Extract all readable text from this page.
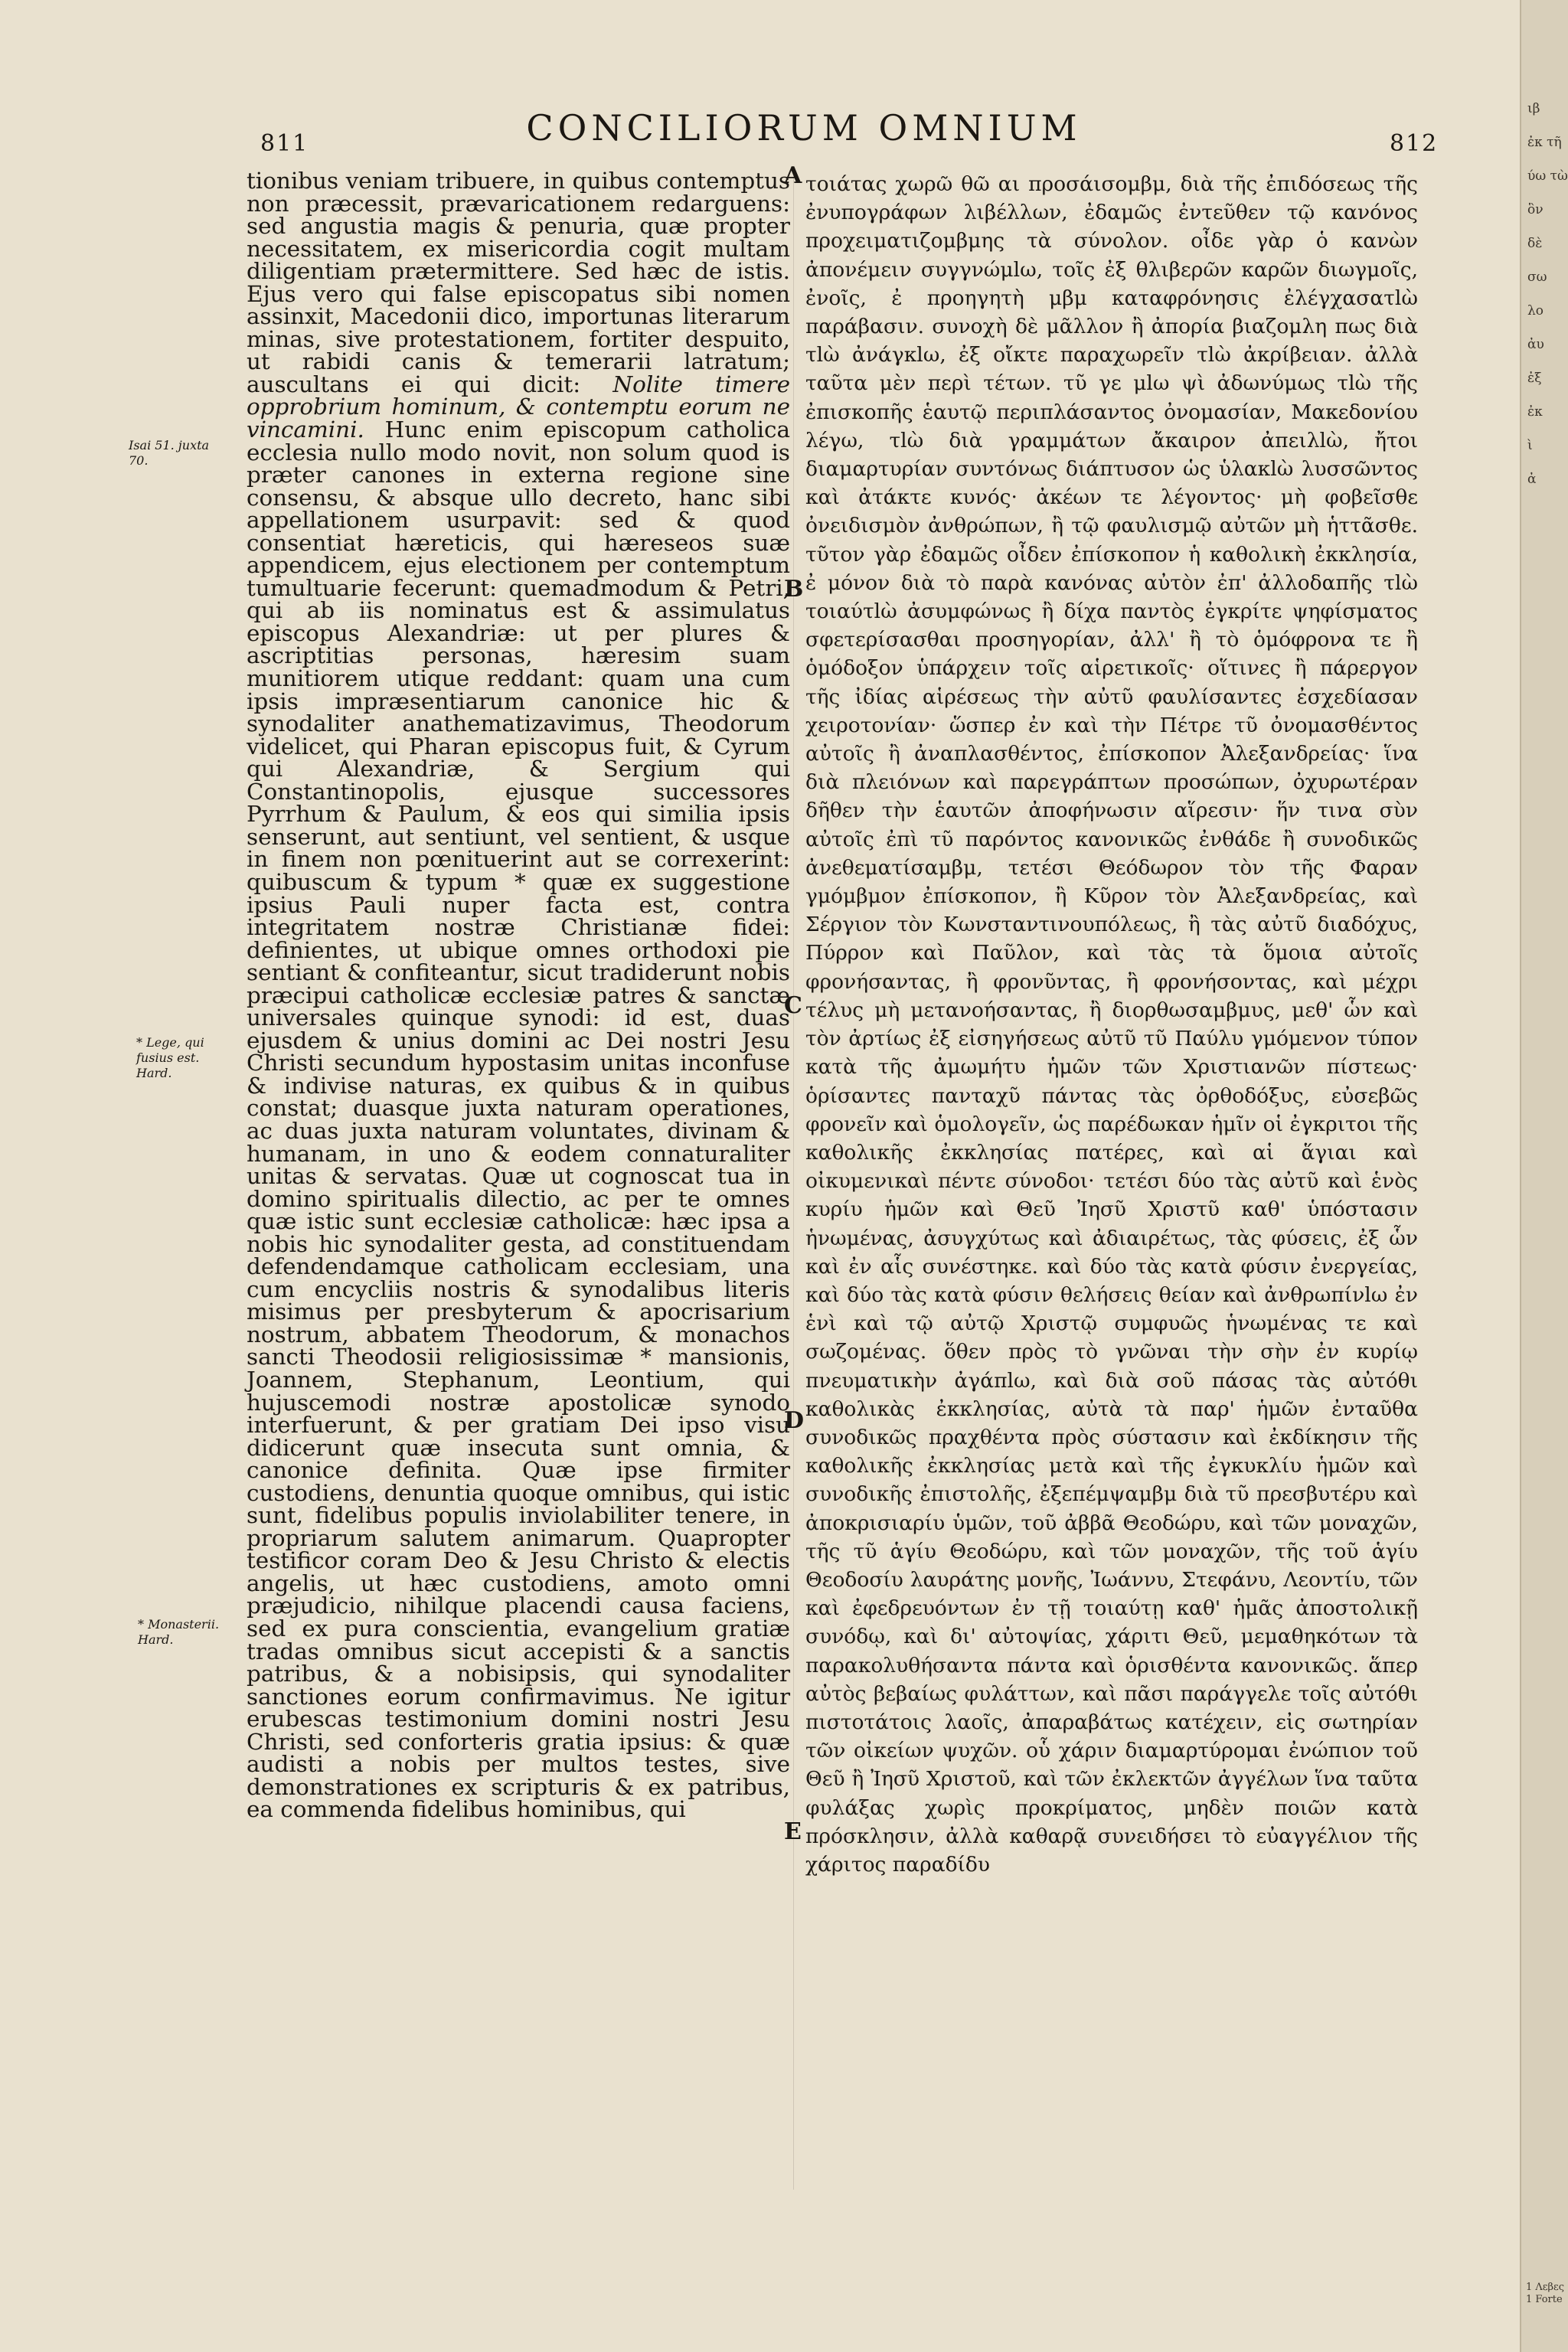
811	CONCILIORUM OMNIUM	812
A
B
C
D
E
Isai 51. juxta 70.
* Lege, qui fusius est. Hard.
* Monasterii. Hard.

tionibus veniam tribuere, in quibus contemptus non præcessit, prævaricationem redarguens: sed angustia magis & penuria, quæ propter necessitatem, ex misericordia cogit multam diligentiam prætermittere. Sed hæc de istis. Ejus vero qui false episcopatus sibi nomen assinxit, Macedonii dico, importunas literarum minas, sive protestationem, fortiter despuito, ut rabidi canis & temerarii latratum; auscultans ei qui dicit: Nolite timere opprobrium hominum, & contemptu eorum ne vincamini. Hunc enim episcopum catholica ecclesia nullo modo novit, non solum quod is præter canones in externa regione sine consensu, & absque ullo decreto, hanc sibi appellationem usurpavit: sed & quod consentiat hæreticis, qui hæreseos suæ appendicem, ejus electionem per contemptum tumultuarie fecerunt: quemadmodum & Petri, qui ab iis nominatus est & assimulatus episcopus Alexandriæ: ut per plures & ascriptitias personas, hæresim suam munitiorem utique reddant: quam una cum ipsis impræsentiarum canonice hic & synodaliter anathematizavimus, Theodorum videlicet, qui Pharan episcopus fuit, & Cyrum qui Alexandriæ, & Sergium qui Constantinopolis, ejusque successores Pyrrhum & Paulum, & eos qui similia ipsis senserunt, aut sentiunt, vel sentient, & usque in finem non pœnituerint aut se correxerint: quibuscum & typum * quæ ex suggestione ipsius Pauli nuper facta est, contra integritatem nostræ Christianæ fidei: definientes, ut ubique omnes orthodoxi pie sentiant & confiteantur, sicut tradiderunt nobis præcipui catholicæ ecclesiæ patres & sanctæ universales quinque synodi: id est, duas ejusdem & unius domini ac Dei nostri Jesu Christi secundum hypostasim unitas inconfuse & indivise naturas, ex quibus & in quibus constat; duasque juxta naturam operationes, ac duas juxta naturam voluntates, divinam & humanam, in uno & eodem connaturaliter unitas & servatas. Quæ ut cognoscat tua in domino spiritualis dilectio, ac per te omnes quæ istic sunt ecclesiæ catholicæ: hæc ipsa a nobis hic synodaliter gesta, ad constituendam defendendamque catholicam ecclesiam, una cum encycliis nostris & synodalibus literis misimus per presbyterum & apocrisarium nostrum, abbatem Theodorum, & monachos sancti Theodosii religiosissimæ * mansionis, Joannem, Stephanum, Leontium, qui hujuscemodi nostræ apostolicæ synodo interfuerunt, & per gratiam Dei ipso visu didicerunt quæ insecuta sunt omnia, & canonice definita. Quæ ipse firmiter custodiens, denuntia quoque omnibus, qui istic sunt, fidelibus populis inviolabiliter tenere, in propriarum salutem animarum. Quapropter testificor coram Deo & Jesu Christo & electis angelis, ut hæc custodiens, amoto omni præjudicio, nihilque placendi causa faciens, sed ex pura conscientia, evangelium gratiæ tradas omnibus sicut accepisti & a sanctis patribus, & a nobisipsis, qui synodaliter sanctiones eorum confirmavimus. Ne igitur erubescas testimonium domini nostri Jesu Christi, sed conforteris gratia ipsius: & quæ audisti a nobis per multos testes, sive demonstrationes ex scripturis & ex patribus, ea commenda fidelibus hominibus, qui

τοιάτας χωρῶ θῶ αι προσάισομβμ, διὰ τῆς ἐπιδόσεως τῆς ἐνυπογράφων λιβέλλων, ἐδαμῶς ἐντεῦθεν τῷ κανόνος προχειματιζομβμης τὰ σύνολον. οἶδε γὰρ ὁ κανὼν ἀπονέμειν συγγνώμlω, τοῖς ἐξ θλιβερῶν καρῶν διωγμοῖς, ἐνοῖς, ἐ προηγητὴ μβμ καταφρόνησις ἐλέγχασατlὼ παράβασιν. συνοχὴ δὲ μᾶλλον ἢ ἀπορία βιαζομλη πως διὰ τlὼ ἀνάγκlω, ἐξ οἴκτε παραχωρεῖν τlὼ ἀκρίβειαν. ἀλλὰ ταῦτα μὲν περὶ τέτων. τῦ γε μlω ψὶ ἀδωνύμως τlὼ τῆς ἐπισκοπῆς ἑαυτῷ περιπλάσαντος ὀνομασίαν, Μακεδονίου λέγω, τlὼ διὰ γραμμάτων ἄκαιρον ἀπειλlὼ, ἤτοι διαμαρτυρίαν συντόνως διάπτυσον ὡς ὑλακlὼ λυσσῶντος καὶ ἀτάκτε κυνός· ἀκέων τε λέγοντος· μὴ φοβεῖσθε ὀνειδισμὸν ἀνθρώπων, ἢ τῷ φαυλισμῷ αὐτῶν μὴ ἡττᾶσθε. τῦτον γὰρ ἐδαμῶς οἶδεν ἐπίσκοπον ἡ καθολικὴ ἐκκλησία, ἐ μόνον διὰ τὸ παρὰ κανόνας αὐτὸν ἐπ' ἀλλοδαπῆς τlὼ τοιαύτlὼ ἀσυμφώνως ἢ δίχα παντὸς ἐγκρίτε ψηφίσματος σφετερίσασθαι προσηγορίαν, ἀλλ' ἢ τὸ ὁμόφρονα τε ἢ ὁμόδοξον ὑπάρχειν τοῖς αἱρετικοῖς· οἵτινες ἢ πάρεργον τῆς ἰδίας αἱρέσεως τὴν αὐτῦ φαυλίσαντες ἐσχεδίασαν χειροτονίαν· ὥσπερ ἐν καὶ τὴν Πέτρε τῦ ὀνομασθέντος αὐτοῖς ἢ ἀναπλασθέντος, ἐπίσκοπον Ἀλεξανδρείας· ἵνα διὰ πλειόνων καὶ παρεγράπτων προσώπων, ὀχυρωτέραν δῆθεν τὴν ἑαυτῶν ἀποφήνωσιν αἵρεσιν· ἥν τινα σὺν αὐτοῖς ἐπὶ τῦ παρόντος κανονικῶς ἐνθάδε ἢ συνοδικῶς ἀνεθεματίσαμβμ, τετέσι Θεόδωρον τὸν τῆς Φαραν γμόμβμον ἐπίσκοπον, ἢ Κῦρον τὸν Ἀλεξανδρείας, καὶ Σέργιον τὸν Κωνσταντινουπόλεως, ἢ τὰς αὐτῦ διαδόχυς, Πύρρον καὶ Παῦλον, καὶ τὰς τὰ ὅμοια αὐτοῖς φρονήσαντας, ἢ φρονῦντας, ἢ φρονήσοντας, καὶ μέχρι τέλυς μὴ μετανοήσαντας, ἢ διορθωσαμβμυς, μεθ' ὧν καὶ τὸν ἀρτίως ἐξ εἰσηγήσεως αὐτῦ τῦ Παύλυ γμόμενον τύπον κατὰ τῆς ἀμωμήτυ ἡμῶν τῶν Χριστιανῶν πίστεως· ὁρίσαντες πανταχῦ πάντας τὰς ὀρθοδόξυς, εὐσεβῶς φρονεῖν καὶ ὁμολογεῖν, ὡς παρέδωκαν ἡμῖν οἱ ἐγκριτοι τῆς καθολικῆς ἐκκλησίας πατέρες, καὶ αἱ ἅγιαι καὶ οἰκυμενικαὶ πέντε σύνοδοι· τετέσι δύο τὰς αὐτῦ καὶ ἑνὸς κυρίυ ἡμῶν καὶ Θεῦ Ἰησῦ Χριστῦ καθ' ὑπόστασιν ἡνωμένας, ἀσυγχύτως καὶ ἀδιαιρέτως, τὰς φύσεις, ἐξ ὧν καὶ ἐν αἷς συνέστηκε. καὶ δύο τὰς κατὰ φύσιν ἐνεργείας, καὶ δύο τὰς κατὰ φύσιν θελήσεις θείαν καὶ ἀνθρωπίνlω ἐν ἑνὶ καὶ τῷ αὐτῷ Χριστῷ συμφυῶς ἡνωμένας τε καὶ σωζομένας. ὅθεν πρὸς τὸ γνῶναι τὴν σὴν ἐν κυρίῳ πνευματικὴν ἀγάπlω, καὶ διὰ σοῦ πάσας τὰς αὐτόθι καθολικὰς ἐκκλησίας, αὐτὰ τὰ παρ' ἡμῶν ἐνταῦθα συνοδικῶς πραχθέντα πρὸς σύστασιν καὶ ἐκδίκησιν τῆς καθολικῆς ἐκκλησίας μετὰ καὶ τῆς ἐγκυκλίυ ἡμῶν καὶ συνοδικῆς ἐπιστολῆς, ἐξεπέμψαμβμ διὰ τῦ πρεσβυτέρυ καὶ ἀποκρισιαρίυ ὑμῶν, τοῦ ἀββᾶ Θεοδώρυ, καὶ τῶν μοναχῶν, τῆς τῦ ἁγίυ Θεοδώρυ, καὶ τῶν μοναχῶν, τῆς τοῦ ἁγίυ Θεοδοσίυ λαυράτης μονῆς, Ἰωάννυ, Στεφάνυ, Λεοντίυ, τῶν καὶ ἐφεδρευόντων ἐν τῇ τοιαύτῃ καθ' ἡμᾶς ἀποστολικῇ συνόδῳ, καὶ δι' αὐτοψίας, χάριτι Θεῦ, μεμαθηκότων τὰ παρακολυθήσαντα πάντα καὶ ὁρισθέντα κανονικῶς. ἅπερ αὐτὸς βεβαίως φυλάττων, καὶ πᾶσι παράγγελε τοῖς αὐτόθι πιστοτάτοις λαοῖς, ἀπαραβάτως κατέχειν, εἰς σωτηρίαν τῶν οἰκείων ψυχῶν. οὗ χάριν διαμαρτύρομαι ἐνώπιον τοῦ Θεῦ ἢ Ἰησῦ Χριστοῦ, καὶ τῶν ἐκλεκτῶν ἀγγέλων ἵνα ταῦτα φυλάξας χωρὶς προκρίματος, μηδὲν ποιῶν κατὰ πρόσκλησιν, ἀλλὰ καθαρᾷ συνειδήσει τὸ εὐαγγέλιον τῆς χάριτος παραδίδυ

ιβ
ἐκ τῆ
ύω τὼ
ὃν
δὲ
σω
λο
ἀυ
ἐξ
ἐκ
ὶ
ἀ
1 Λεβες 1 Forte
